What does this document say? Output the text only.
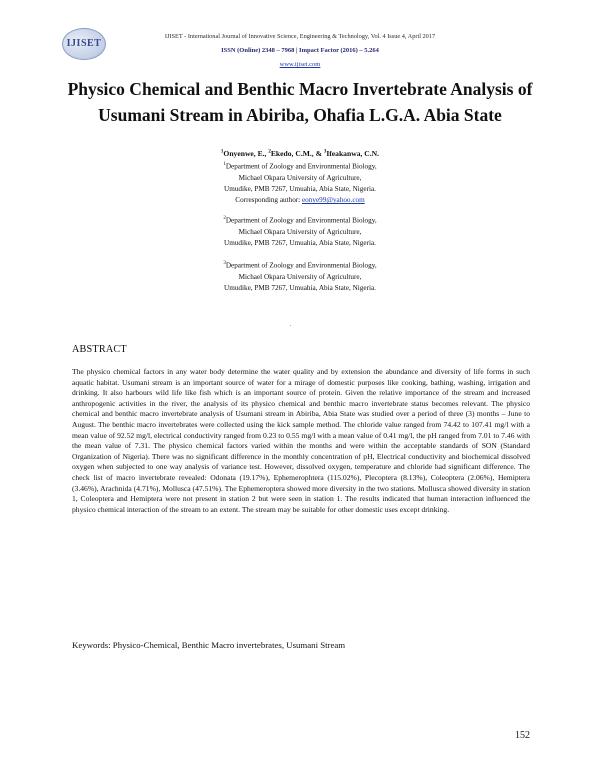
IJISET
IJISET - International Journal of Innovative Science, Engineering & Technology, Vol. 4 Issue 4, April 2017
ISSN (Online) 2348 – 7968 | Impact Factor (2016) – 5.264
www.ijiset.com
Physico Chemical and Benthic Macro Invertebrate Analysis of Usumani Stream in Abiriba, Ohafia L.G.A. Abia State
$^1$Onyenwe, E., $^2$Ekedo, C.M., & $^3$Ifeakanwa, C.N.
$^1$Department of Zoology and Environmental Biology,
Michael Okpara University of Agriculture,
Umudike, PMB 7267, Umuahia, Abia State, Nigeria.
Corresponding author: eonye99@yahoo.com
$^2$Department of Zoology and Environmental Biology,
Michael Okpara University of Agriculture,
Umudike, PMB 7267, Umuahia, Abia State, Nigeria.
$^3$Department of Zoology and Environmental Biology,
Michael Okpara University of Agriculture,
Umudike, PMB 7267, Umuahia, Abia State, Nigeria.
.
ABSTRACT
The physico chemical factors in any water body determine the water quality and by extension the abundance and diversity of life forms in such aquatic habitat. Usumani stream is an important source of water for a mirage of domestic purposes like cooking, bathing, washing, irrigation and drinking. It also harbours wild life like fish which is an important source of protein. Given the relative importance of the stream and increased anthropogenic activities in the river, the analysis of its physico chemical and benthic macro invertebrate status becomes relevant. The physico chemical and benthic macro invertebrate analysis of Usumani stream in Abiriba, Abia State was studied over a period of three (3) months – June to August. The benthic macro invertebrates were collected using the kick sample method. The chloride value ranged from 74.42 to 107.41 mg/l with a mean value of 92.52 mg/l, electrical conductivity ranged from 0.23 to 0.55 mg/l with a mean value of 0.41 mg/l, the pH ranged from 7.01 to 7.46 with the mean value of 7.31. The physico chemical factors varied within the months and were within the acceptable standards of SON (Standard Organization of Nigeria). There was no significant difference in the monthly concentration of pH, Electrical conductivity and biochemical dissolved oxygen when subjected to one way analysis of variance test. However, dissolved oxygen, temperature and chloride had significant difference. The check list of macro invertebrate revealed: Odonata (19.17%), Ephemerophtera (115.02%), Plecoptera (8.13%), Coleoptera (2.06%), Hemiptera (3.46%), Arachnida (4.71%), Mollusca (47.51%). The Ephemeroptera showed more diversity in the two stations. Mollusca showed diversity in station 1, Coleoptera and Hemiptera were not present in station 2 but were seen in station 1. The results indicated that human interaction influenced the physico chemical interaction of the stream to an extent. The stream may be suitable for other domestic uses except drinking.
Keywords: Physico-Chemical, Benthic Macro invertebrates, Usumani Stream
152
